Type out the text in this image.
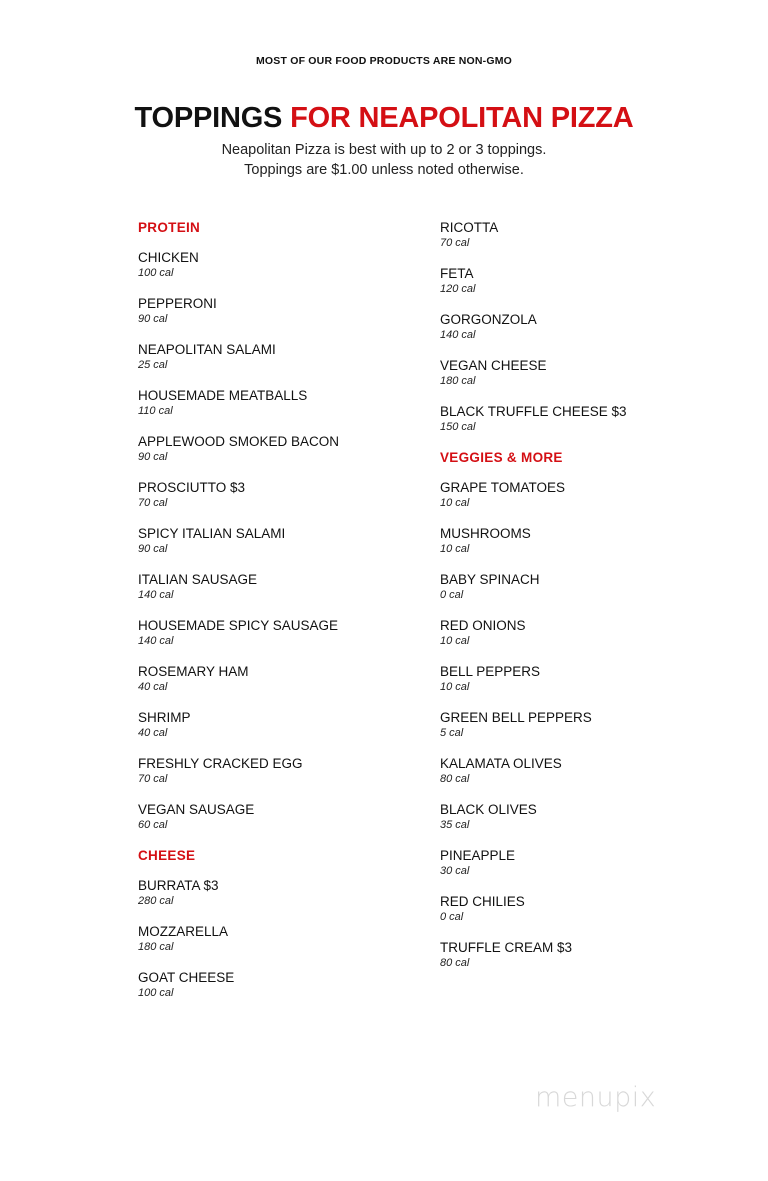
MOST OF OUR FOOD PRODUCTS ARE NON-GMO
TOPPINGS FOR NEAPOLITAN PIZZA
Neapolitan Pizza is best with up to 2 or 3 toppings.
Toppings are $1.00 unless noted otherwise.
PROTEIN
CHICKEN
100 cal
PEPPERONI
90 cal
NEAPOLITAN SALAMI
25 cal
HOUSEMADE MEATBALLS
110 cal
APPLEWOOD SMOKED BACON
90 cal
PROSCIUTTO $3
70 cal
SPICY ITALIAN SALAMI
90 cal
ITALIAN SAUSAGE
140 cal
HOUSEMADE SPICY SAUSAGE
140 cal
ROSEMARY HAM
40 cal
SHRIMP
40 cal
FRESHLY CRACKED EGG
70 cal
VEGAN SAUSAGE
60 cal
CHEESE
BURRATA $3
280 cal
MOZZARELLA
180 cal
GOAT CHEESE
100 cal
RICOTTA
70 cal
FETA
120 cal
GORGONZOLA
140 cal
VEGAN CHEESE
180 cal
BLACK TRUFFLE CHEESE $3
150 cal
VEGGIES & MORE
GRAPE TOMATOES
10 cal
MUSHROOMS
10 cal
BABY SPINACH
0 cal
RED ONIONS
10 cal
BELL PEPPERS
10 cal
GREEN BELL PEPPERS
5 cal
KALAMATA OLIVES
80 cal
BLACK OLIVES
35 cal
PINEAPPLE
30 cal
RED CHILIES
0 cal
TRUFFLE CREAM $3
80 cal
menupix
